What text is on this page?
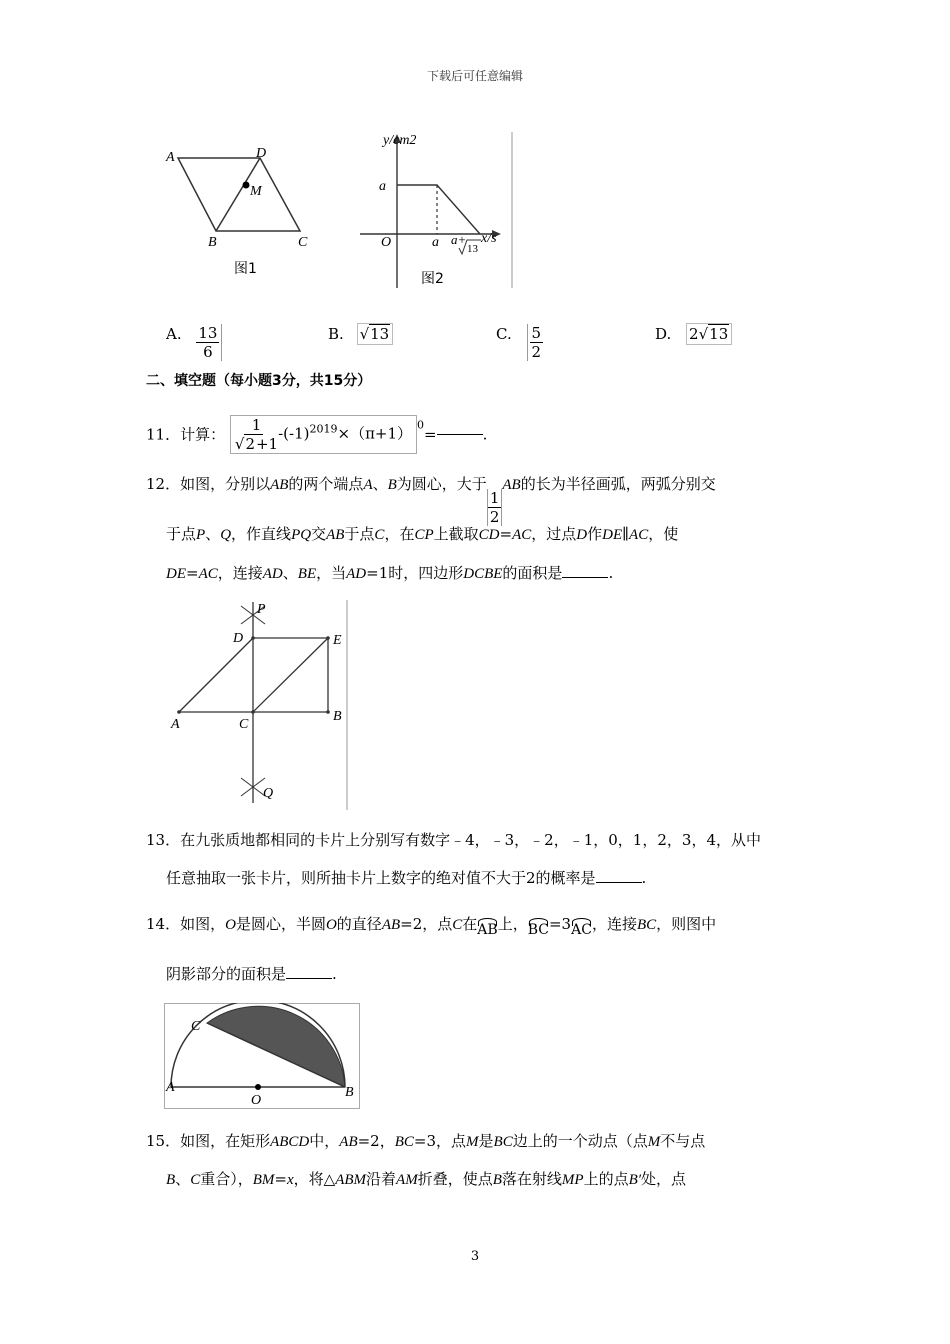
下载后可任意编辑
A	D
M
B	C
图1
y/cm2
a
O	a a+
13
x/s
图2
A. $\frac{13}{6}$	B. √13	C. $\frac{5}{2}$	D. 2√13
二、填空题（每小题3分，共15分）
11．计算： $\frac{1}{√2+1} -(-1)^{2019}\times(\pi+1)$ $^0$=	.
12．如图，分别以AB的两个端点A、B为圆心，大于
$\frac{1}{2}$
AB的长为半径画弧，两弧分别交
于点P、Q，作直线PQ交AB于点C，在CP上截取CD=AC，过点D作DE∥AC，使
DE=AC，连接AD、BE，当AD=1时，四边形DCBE的面积是	.
P
D	E
A	C
B
Q
13．在九张质地都相同的卡片上分别写有数字﹣4，﹣3，﹣2，﹣1，0，1，2，3，4，从中
任意抽取一张卡片，则所抽卡片上数字的绝对值不大于2的概率是	.
14．如图，O是圆心，半圆O的直径AB=2，点C在AB上，BC=3AC，连接BC，则图中
阴影部分的面积是	.
C
A
O
B
15．如图，在矩形ABCD中，AB=2，BC=3，点M是BC边上的一个动点（点M不与点
B、C重合），BM=x，将△ABM沿着AM折叠，使点B落在射线MP上的点B′处，点
3
